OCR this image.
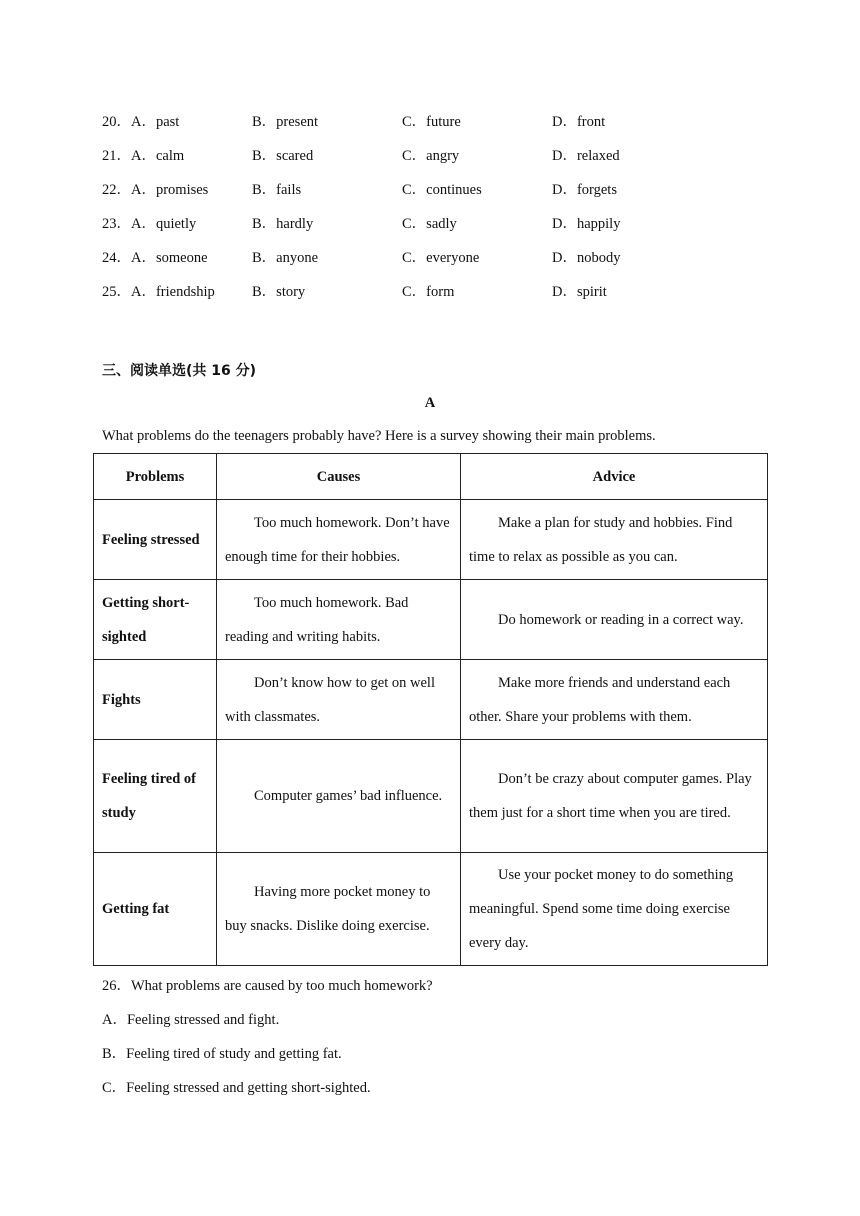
20．A．past	B．present	C．future	D．front
21．A．calm	B．scared	C．angry	D．relaxed
22．A．promises	B．fails	C．continues	D．forgets
23．A．quietly	B．hardly	C．sadly	D．happily
24．A．someone	B．anyone	C．everyone	D．nobody
25．A．friendship	B．story	C．form	D．spirit
三、阅读单选(共 16 分)
A
What problems do the teenagers probably have? Here is a survey showing their main problems.
Problems	Causes	Advice
Feeling stressed	Too much homework. Don’t have enough time for their hobbies.	Make a plan for study and hobbies. Find time to relax as possible as you can.
Getting short-sighted	Too much homework. Bad reading and writing habits.	Do homework or reading in a correct way.
Fights	Don’t know how to get on well with classmates.	Make more friends and understand each other. Share your problems with them.
Feeling tired of study	Computer games’ bad influence.	Don’t be crazy about computer games. Play them just for a short time when you are tired.
Getting fat	Having more pocket money to buy snacks. Dislike doing exercise.	Use your pocket money to do something meaningful. Spend some time doing exercise every day.
26．What problems are caused by too much homework?
A．Feeling stressed and fight.
B．Feeling tired of study and getting fat.
C．Feeling stressed and getting short-sighted.
